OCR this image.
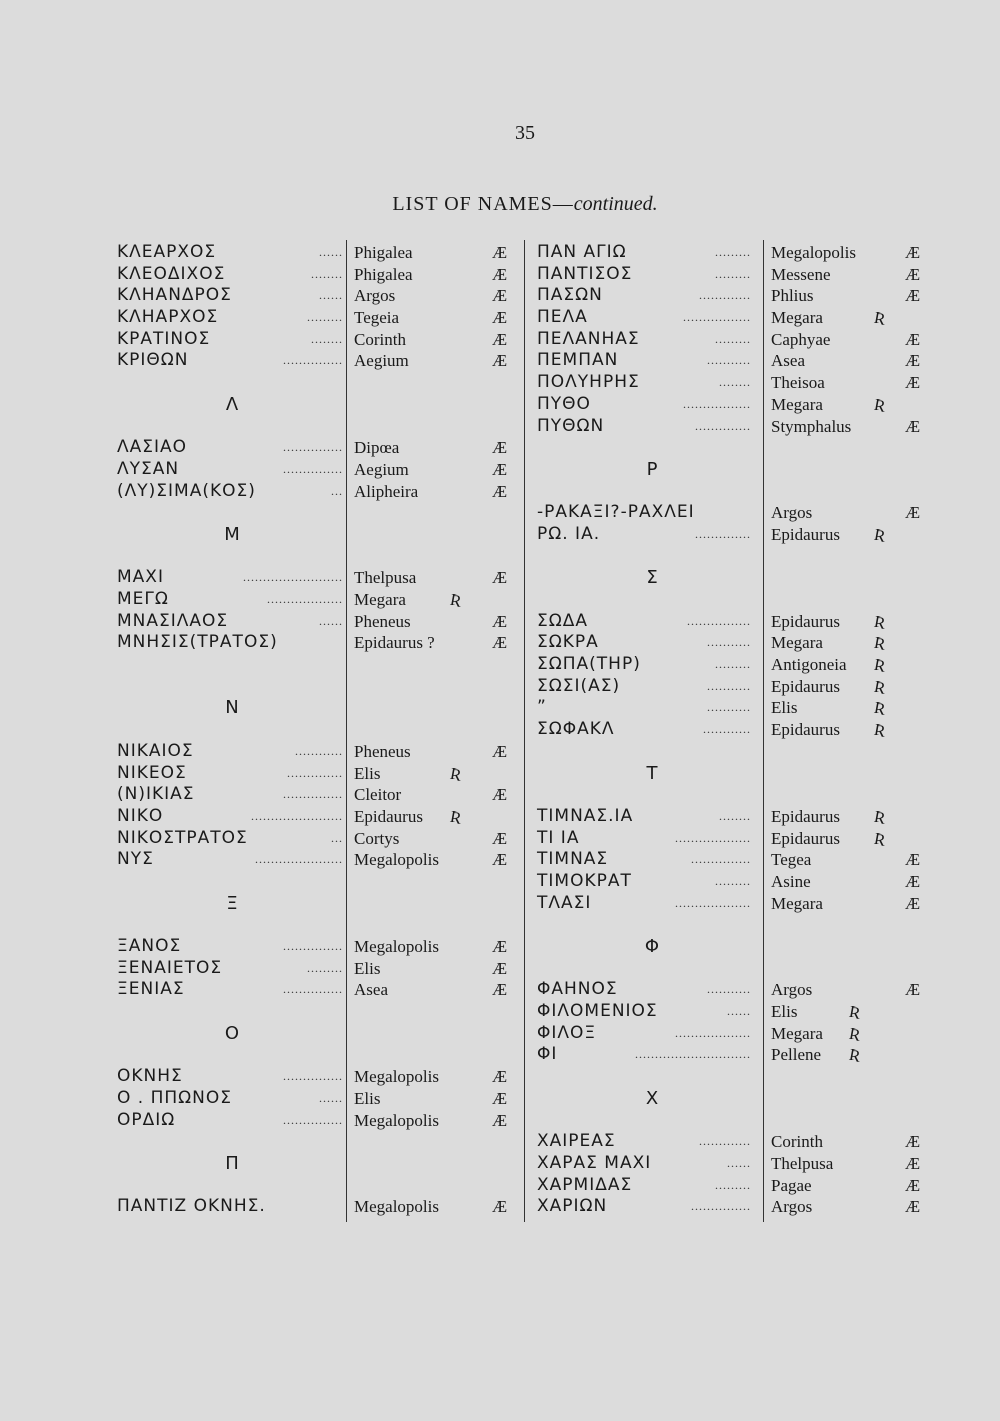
35
LIST OF NAMES—continued.
ΚΛΕΑΡΧΟΣ	...... Phigalea	Æ
ΚΛΕΟΔΙΧΟΣ	........ Phigalea	Æ
ΚΛΗΑΝΔΡΟΣ	...... Argos	Æ
ΚΛΗΑΡΧΟΣ	......... Tegeia	Æ
ΚΡΑΤΙΝΟΣ	........ Corinth	Æ
ΚΡΙΘΩΝ	............... Aegium	Æ
Λ
ΛΑΣΙΑΟ	............... Dipœa	Æ
ΛΥΣΑΝ	............... Aegium	Æ
(ΛΥ)ΣΙΜΑ(ΚΟΣ)	... Alipheira	Æ
Μ
ΜΑΧΙ	......................... Thelpusa	Æ
ΜΕΓΩ	................... Megara	Ʀ
ΜΝΑΣΙΛΑΟΣ	...... Pheneus	Æ
ΜΝΗΣΙΣ(ΤΡΑΤΟΣ)	Epidaurus ?	Æ
Ν
ΝΙΚΑΙΟΣ	............ Pheneus	Æ
ΝΙΚΕΟΣ	.............. Elis	Ʀ
(Ν)ΙΚΙΑΣ	............... Cleitor	Æ
ΝΙΚΟ	....................... Epidaurus Ʀ
ΝΙΚΟΣΤΡΑΤΟΣ	... Cortys	Æ
ΝΥΣ	...................... Megalopolis	Æ
Ξ
ΞΑΝΟΣ	............... Megalopolis	Æ
ΞΕΝΑΙΕΤΟΣ	......... Elis	Æ
ΞΕΝΙΑΣ	............... Asea	Æ
Ο
ΟΚΝΗΣ	............... Megalopolis	Æ
Ο . ΠΠΩΝΟΣ	...... Elis	Æ
ΟΡΔΙΩ	............... Megalopolis	Æ
Π
ΠΑΝΤΙΖ ΟΚΝΗΣ.	Megalopolis	Æ
ΠΑΝ ΑΓΙΩ	......... Megalopolis	Æ
ΠΑΝΤΙΣΟΣ	......... Messene	Æ
ΠΑΣΩΝ	............. Phlius	Æ
ΠΕΛΑ	................. Megara	Ʀ
ΠΕΛΑΝΗΑΣ	......... Caphyae	Æ
ΠΕΜΠΑΝ	........... Asea	Æ
ΠΟΛΥΗΡΗΣ	........ Theisoa	Æ
ΠΥΘΟ	................. Megara	Ʀ
ΠΥΘΩΝ	.............. Stymphalus	Æ
Ρ
-ΡΑΚΑΞΙ?-ΡΑΧΛΕΙ	Argos	Æ
ΡΩ. ΙΑ.	.............. Epidaurus Ʀ
Σ
ΣΩΔΑ	................ Epidaurus Ʀ
ΣΩΚΡΑ	........... Megara	Ʀ
ΣΩΠΑ(ΤΗΡ)	......... Antigoneia Ʀ
ΣΩΣΙ(ΑΣ)	........... Epidaurus Ʀ
”	........... Elis	Ʀ
ΣΩΦΑΚΛ	............ Epidaurus Ʀ
Τ
ΤΙΜΝΑΣ.ΙΑ	........ Epidaurus Ʀ
ΤΙ ΙΑ	................... Epidaurus Ʀ
ΤΙΜΝΑΣ	............... Tegea	Æ
ΤΙΜΟΚΡΑΤ	......... Asine	Æ
ΤΛΑΣΙ	................... Megara	Æ
Φ
ΦΑΗΝΟΣ	........... Argos	Æ
ΦΙΛΟΜΕΝΙΟΣ	...... Elis	Ʀ
ΦΙΛΟΞ	................... Megara Ʀ
ΦΙ	............................. Pellene Ʀ
Χ
ΧΑΙΡΕΑΣ	............. Corinth	Æ
ΧΑΡΑΣ ΜΑΧΙ	...... Thelpusa	Æ
ΧΑΡΜΙΔΑΣ	......... Pagae	Æ
ΧΑΡΙΩΝ	............... Argos	Æ
